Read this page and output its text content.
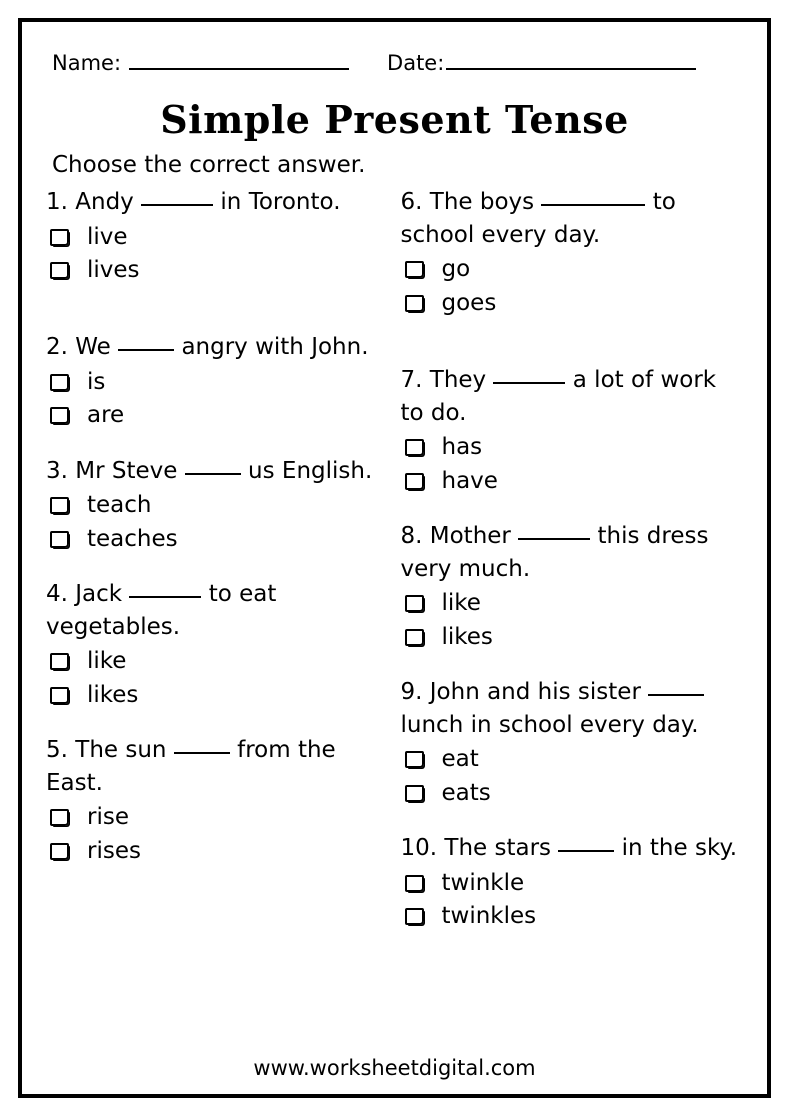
Name:	Date:
Simple Present Tense
Choose the correct answer.
1. Andy	in Toronto.
live
lives
2. We	angry with John.
is
are
3. Mr Steve	us English.
teach
teaches
4. Jack	to eat vegetables.
like
likes
5. The sun	from the East.
rise
rises
6. The boys	to school every day.
go
goes
7. They	a lot of work to do.
has
have
8. Mother	this dress very much.
like
likes
9. John and his sister  lunch in school every day.
eat
eats
10. The stars	in the sky.
twinkle
twinkles
www.worksheetdigital.com
